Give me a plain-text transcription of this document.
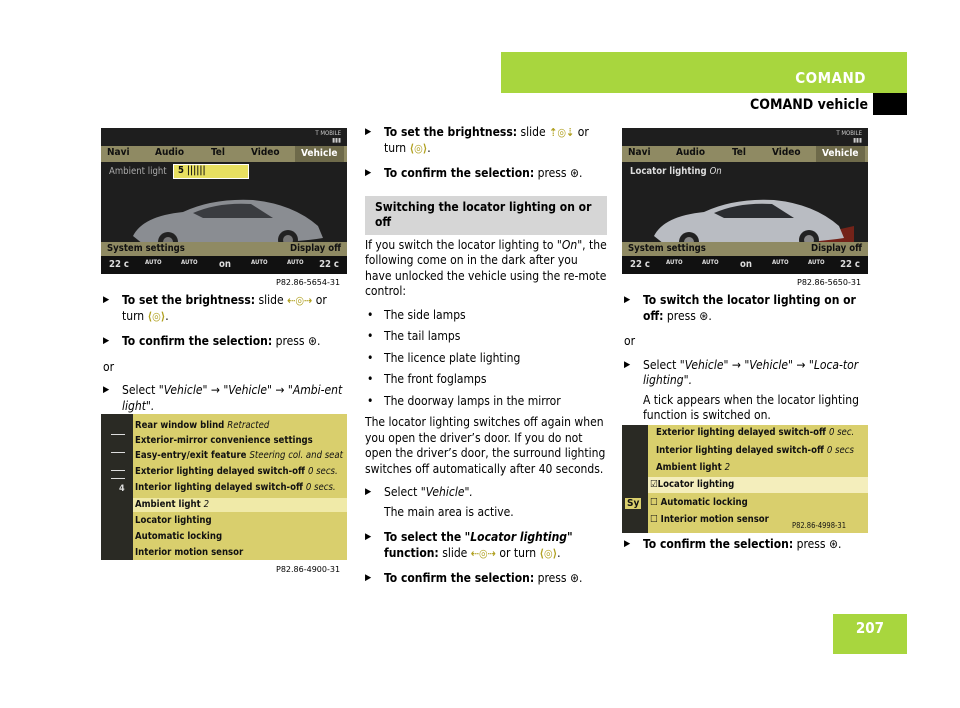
COMAND
COMAND vehicle
T MOBILE
▮▮▮
Navi	Audio	Tel	Video	Vehicle
Ambient light	5 ||||||
System settings	Display off
22 c	AUTO	AUTO on	AUTO	AUTO 22 c
P82.86-5654-31
▶ To set the brightness: slide ⇠◎⇢ or
turn ⟨◎⟩.
▶ To confirm the selection: press ⊛.

or

▶ Select "Vehicle" → "Vehicle" → "Ambi-ent light".
4
Rear window blind Retracted
Exterior-mirror convenience settings
Easy-entry/exit feature Steering col. and seat
Exterior lighting delayed switch-off 0 secs.
Interior lighting delayed switch-off 0 secs.
Ambient light 2
Locator lighting
Automatic locking
Interior motion sensor
P82.86-4900-31
▶ To set the brightness: slide ⇡◎⇣ or
turn ⟨◎⟩.
▶ To confirm the selection: press ⊛.
Switching the locator lighting on or off

If you switch the locator lighting to "On", the following come on in the dark after you have unlocked the vehicle using the re-mote control:

• The side lamps
• The tail lamps
• The licence plate lighting
• The front foglamps
• The doorway lamps in the mirror

The locator lighting switches off again when you open the driver’s door. If you do not open the driver’s door, the surround lighting switches off automatically after 40 seconds.

▶ Select "Vehicle".
The main area is active.
▶ To select the "Locator lighting" function: slide ⇠◎⇢ or turn ⟨◎⟩.
▶ To confirm the selection: press ⊛.
T MOBILE
▮▮▮
Navi	Audio	Tel	Video	Vehicle
Locator lighting On
System settings	Display off
22 c	AUTO	AUTO on	AUTO	AUTO 22 c
P82.86-5650-31
▶ To switch the locator lighting on or off: press ⊛.

or

▶ Select "Vehicle" → "Vehicle" → "Loca-tor lighting".
A tick appears when the locator lighting function is switched on.
Sy
Exterior lighting delayed switch-off 0 sec.
Interior lighting delayed switch-off 0 secs
Ambient light 2
☑Locator lighting
☐ Automatic locking
☐ Interior motion sensor
P82.86-4998-31
▶ To confirm the selection: press ⊛.
207
